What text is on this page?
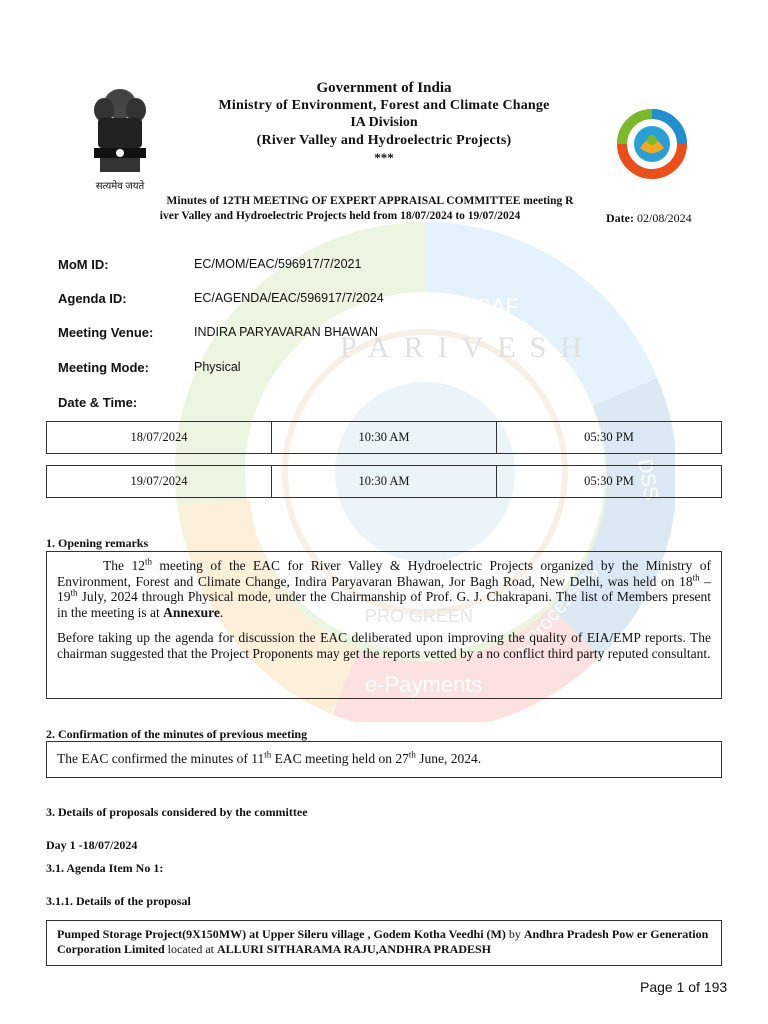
CAF
e-Payments
e-Processing
DSS
PRO GREEN
PARIVESH
सत्यमेव जयते
Government of India
Ministry of Environment, Forest and Climate Change
IA Division
(River Valley and Hydroelectric Projects)
***
Minutes of 12TH MEETING OF EXPERT APPRAISAL COMMITTEE meeting R
iver Valley and Hydroelectric Projects held from 18/07/2024 to 19/07/2024	Date: 02/08/2024
MoM ID:	EC/MOM/EAC/596917/7/2021
Agenda ID:	EC/AGENDA/EAC/596917/7/2024
Meeting Venue:	INDIRA PARYAVARAN BHAWAN
Meeting Mode:	Physical
Date & Time:
18/07/2024	10:30 AM	05:30 PM
19/07/2024	10:30 AM	05:30 PM
1. Opening remarks

The 12th meeting of the EAC for River Valley & Hydroelectric Projects organized by the Ministry of Environment, Forest and Climate Change, Indira Paryavaran Bhawan, Jor Bagh Road, New Delhi, was held on 18th – 19th July, 2024 through Physical mode, under the Chairmanship of Prof. G. J. Chakrapani. The list of Members present in the meeting is at Annexure.

Before taking up the agenda for discussion the EAC deliberated upon improving the quality of EIA/EMP reports. The chairman suggested that the Project Proponents may get the reports vetted by a no conflict third party reputed consultant.

2. Confirmation of the minutes of previous meeting
The EAC confirmed the minutes of 11th EAC meeting held on 27th June, 2024.
3. Details of proposals considered by the committee
Day 1 -18/07/2024
3.1. Agenda Item No 1:
3.1.1. Details of the proposal
Pumped Storage Project(9X150MW) at Upper Sileru village , Godem Kotha Veedhi (M) by Andhra Pradesh Pow er Generation Corporation Limited located at ALLURI SITHARAMA RAJU,ANDHRA PRADESH
Page 1 of 193
